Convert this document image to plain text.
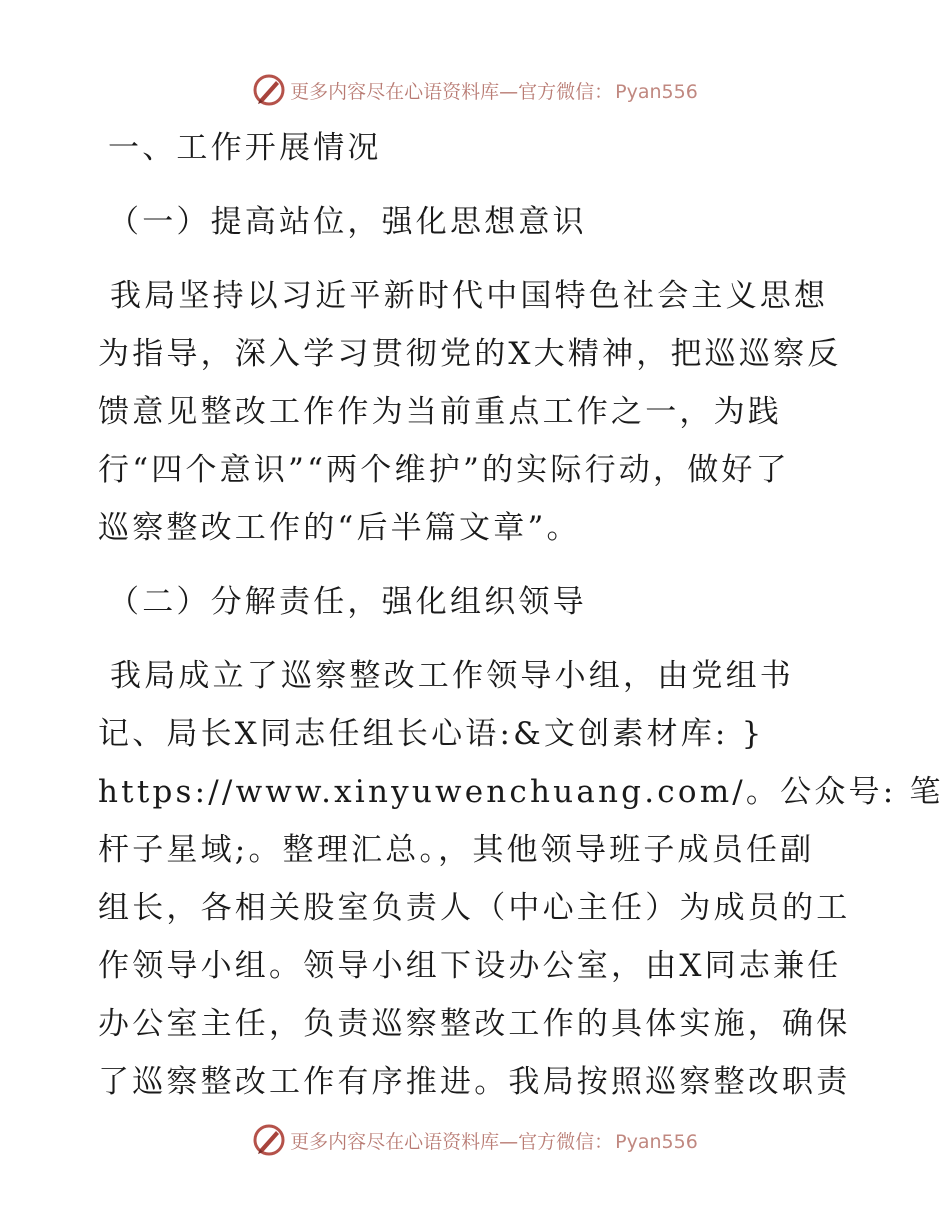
更多内容尽在心语资料库—官方微信： Pyan556
一、工作开展情况
（一）提高站位，强化思想意识
我局坚持以习近平新时代中国特色社会主义思想
为指导，深入学习贯彻党的X大精神，把巡巡察反
馈意见整改工作作为当前重点工作之一，为践
行“四个意识”“两个维护”的实际行动，做好了
巡察整改工作的“后半篇文章”。
（二）分解责任，强化组织领导
我局成立了巡察整改工作领导小组，由党组书
记、局长X同志任组长心语:&文创素材库: }
https://www.xinyuwenchuang.com/。公众号: 笔
杆子星域;。整理汇总。，其他领导班子成员任副
组长，各相关股室负责人（中心主任）为成员的工
作领导小组。领导小组下设办公室，由X同志兼任
办公室主任，负责巡察整改工作的具体实施，确保
了巡察整改工作有序推进。我局按照巡察整改职责
更多内容尽在心语资料库—官方微信： Pyan556
